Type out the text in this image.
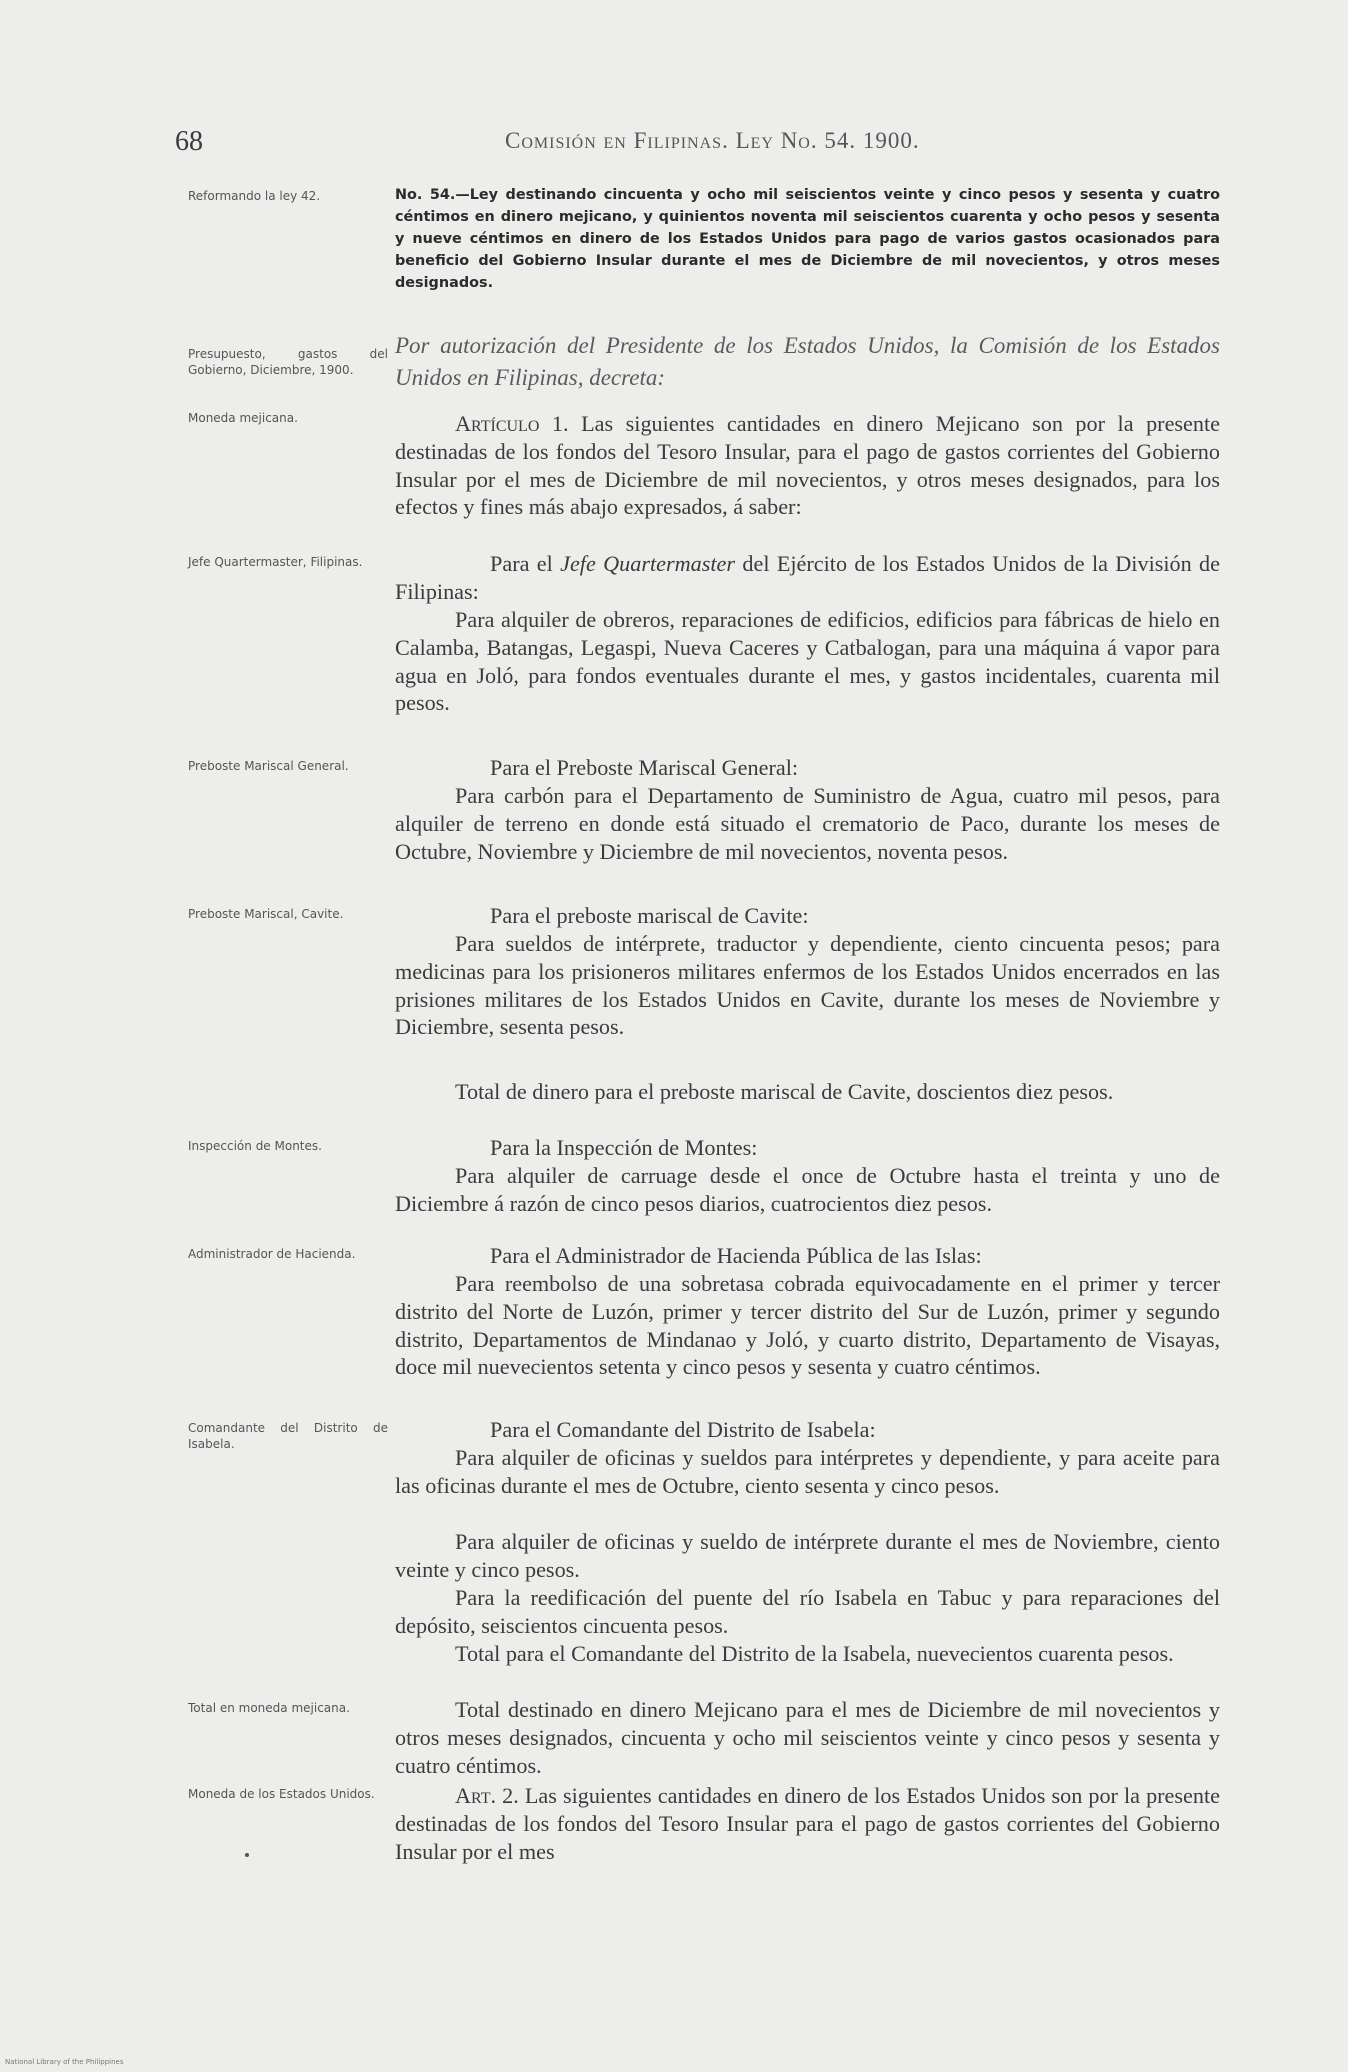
68	Comisión en Filipinas. Ley No. 54. 1900.
Reformando la ley 42.
Presupuesto, gastos del Gobierno, Diciembre, 1900.
Moneda mejicana.
Jefe Quartermaster, Filipinas.
Preboste Mariscal General.
Preboste Mariscal, Cavite.
Inspección de Montes.
Administrador de Hacienda.
Comandante del Distrito de Isabela.
Total en moneda mejicana.
Moneda de los Estados Unidos.
No. 54.—Ley destinando cincuenta y ocho mil seiscientos veinte y cinco pesos y sesenta y cuatro céntimos en dinero mejicano, y quinientos noventa mil seiscientos cuarenta y ocho pesos y sesenta y nueve céntimos en dinero de los Estados Unidos para pago de varios gastos ocasionados para beneficio del Gobierno Insular durante el mes de Diciembre de mil novecientos, y otros meses designados.
Por autorización del Presidente de los Estados Unidos, la Comisión de los Estados Unidos en Filipinas, decreta:
Artículo 1. Las siguientes cantidades en dinero Mejicano son por la presente destinadas de los fondos del Tesoro Insular, para el pago de gastos corrientes del Gobierno Insular por el mes de Diciembre de mil novecientos, y otros meses designados, para los efectos y fines más abajo expresados, á saber:
Para el Jefe Quartermaster del Ejército de los Estados Unidos de la División de Filipinas:
Para alquiler de obreros, reparaciones de edificios, edificios para fábricas de hielo en Calamba, Batangas, Legaspi, Nueva Caceres y Catbalogan, para una máquina á vapor para agua en Joló, para fondos eventuales durante el mes, y gastos incidentales, cuarenta mil pesos.
Para el Preboste Mariscal General:
Para carbón para el Departamento de Suministro de Agua, cuatro mil pesos, para alquiler de terreno en donde está situado el crematorio de Paco, durante los meses de Octubre, Noviembre y Diciembre de mil novecientos, noventa pesos.
Para el preboste mariscal de Cavite:
Para sueldos de intérprete, traductor y dependiente, ciento cincuenta pesos; para medicinas para los prisioneros militares enfermos de los Estados Unidos encerrados en las prisiones militares de los Estados Unidos en Cavite, durante los meses de Noviembre y Diciembre, sesenta pesos.
Total de dinero para el preboste mariscal de Cavite, doscientos diez pesos.
Para la Inspección de Montes:
Para alquiler de carruage desde el once de Octubre hasta el treinta y uno de Diciembre á razón de cinco pesos diarios, cuatrocientos diez pesos.
Para el Administrador de Hacienda Pública de las Islas:
Para reembolso de una sobretasa cobrada equivocadamente en el primer y tercer distrito del Norte de Luzón, primer y tercer distrito del Sur de Luzón, primer y segundo distrito, Departamentos de Mindanao y Joló, y cuarto distrito, Departamento de Visayas, doce mil nuevecientos setenta y cinco pesos y sesenta y cuatro céntimos.
Para el Comandante del Distrito de Isabela:
Para alquiler de oficinas y sueldos para intérpretes y dependiente, y para aceite para las oficinas durante el mes de Octubre, ciento sesenta y cinco pesos.
Para alquiler de oficinas y sueldo de intérprete durante el mes de Noviembre, ciento veinte y cinco pesos.
Para la reedificación del puente del río Isabela en Tabuc y para reparaciones del depósito, seiscientos cincuenta pesos.
Total para el Comandante del Distrito de la Isabela, nuevecientos cuarenta pesos.
Total destinado en dinero Mejicano para el mes de Diciembre de mil novecientos y otros meses designados, cincuenta y ocho mil seiscientos veinte y cinco pesos y sesenta y cuatro céntimos.
Art. 2. Las siguientes cantidades en dinero de los Estados Unidos son por la presente destinadas de los fondos del Tesoro Insular para el pago de gastos corrientes del Gobierno Insular por el mes
National Library of the Philippines
